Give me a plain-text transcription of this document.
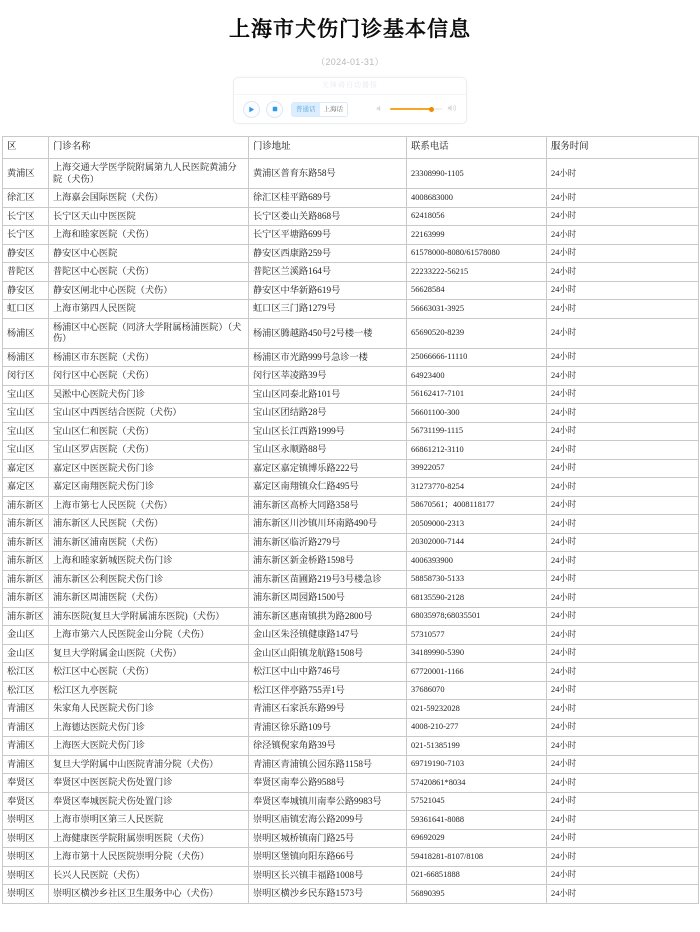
上海市犬伤门诊基本信息
（2024-01-31）
无障碍自动播报
普通话	上海话
区	门诊名称	门诊地址	联系电话	服务时间
黄浦区	上海交通大学医学院附属第九人民医院黄浦分院（犬伤）	黄浦区普育东路58号	23308990-1105	24小时
徐汇区	上海嘉会国际医院（犬伤）	徐汇区桂平路689号	4008683000	24小时
长宁区	长宁区天山中医医院	长宁区娄山关路868号	62418056	24小时
长宁区	上海和睦家医院（犬伤）	长宁区平塘路699号	22163999	24小时
静安区	静安区中心医院	静安区西康路259号	61578000-8080/61578080	24小时
普陀区	普陀区中心医院（犬伤）	普陀区兰溪路164号	22233222-56215	24小时
静安区	静安区闸北中心医院（犬伤）	静安区中华新路619号	56628584	24小时
虹口区	上海市第四人民医院	虹口区三门路1279号	56663031-3925	24小时
杨浦区	杨浦区中心医院（同济大学附属杨浦医院）（犬伤）	杨浦区腾越路450号2号楼一楼	65690520-8239	24小时
杨浦区	杨浦区市东医院（犬伤）	杨浦区市光路999号急诊一楼	25066666-11110	24小时
闵行区	闵行区中心医院（犬伤）	闵行区莘凌路39号	64923400	24小时
宝山区	吴淞中心医院犬伤门诊	宝山区同泰北路101号	56162417-7101	24小时
宝山区	宝山区中西医结合医院（犬伤）	宝山区团结路28号	56601100-300	24小时
宝山区	宝山区仁和医院（犬伤）	宝山区长江西路1999号	56731199-1115	24小时
宝山区	宝山区罗店医院（犬伤）	宝山区永顺路88号	66861212-3110	24小时
嘉定区	嘉定区中医医院犬伤门诊	嘉定区嘉定镇博乐路222号	39922057	24小时
嘉定区	嘉定区南翔医院犬伤门诊	嘉定区南翔镇众仁路495号	31273770-8254	24小时
浦东新区	上海市第七人民医院（犬伤）	浦东新区高桥大同路358号	58670561；4008118177	24小时
浦东新区	浦东新区人民医院（犬伤）	浦东新区川沙镇川环南路490号	20509000-2313	24小时
浦东新区	浦东新区浦南医院（犬伤）	浦东新区临沂路279号	20302000-7144	24小时
浦东新区	上海和睦家新城医院犬伤门诊	浦东新区新金桥路1598号	4006393900	24小时
浦东新区	浦东新区公利医院犬伤门诊	浦东新区苗圃路219号3号楼急诊	58858730-5133	24小时
浦东新区	浦东新区周浦医院（犬伤）	浦东新区周园路1500号	68135590-2128	24小时
浦东新区	浦东医院(复旦大学附属浦东医院)（犬伤）	浦东新区惠南镇拱为路2800号	68035978;68035501	24小时
金山区	上海市第六人民医院金山分院（犬伤）	金山区朱泾镇健康路147号	57310577	24小时
金山区	复旦大学附属金山医院（犬伤）	金山区山阳镇龙航路1508号	34189990-5390	24小时
松江区	松江区中心医院（犬伤）	松江区中山中路746号	67720001-1166	24小时
松江区	松江区九亭医院	松江区伴亭路755弄1号	37686070	24小时
青浦区	朱家角人民医院犬伤门诊	青浦区石家浜东路99号	021-59232028	24小时
青浦区	上海德达医院犬伤门诊	青浦区徐乐路109号	4008-210-277	24小时
青浦区	上海医大医院犬伤门诊	徐泾镇倪家角路39号	021-51385199	24小时
青浦区	复旦大学附属中山医院青浦分院（犬伤）	青浦区青浦镇公园东路1158号	69719190-7103	24小时
奉贤区	奉贤区中医医院犬伤处置门诊	奉贤区南奉公路9588号	57420861*8034	24小时
奉贤区	奉贤区奉城医院犬伤处置门诊	奉贤区奉城镇川南奉公路9983号	57521045	24小时
崇明区	上海市崇明区第三人民医院	崇明区庙镇宏海公路2099号	59361641-8088	24小时
崇明区	上海健康医学院附属崇明医院（犬伤）	崇明区城桥镇南门路25号	69692029	24小时
崇明区	上海市第十人民医院崇明分院（犬伤）	崇明区堡镇向阳东路66号	59418281-8107/8108	24小时
崇明区	长兴人民医院（犬伤）	崇明区长兴镇丰福路1008号	021-66851888	24小时
崇明区	崇明区横沙乡社区卫生服务中心（犬伤）	崇明区横沙乡民东路1573号	56890395	24小时
